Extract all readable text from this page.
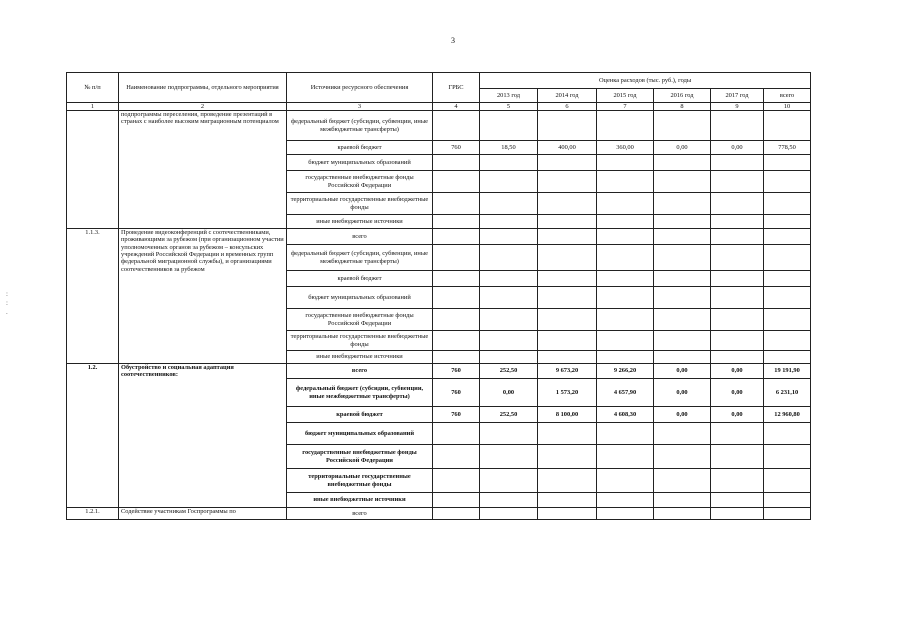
3
:
:
.
№ п/п	Наименование подпрограммы, отдельного мероприятия	Источники ресурсного обеспечения	ГРБС	Оценка расходов (тыс. руб.), годы					
				2013 год	2014 год	2015 год	2016 год	2017 год	всего
1	2	3	4	5	6	7	8	9	10
	подпрограммы переселения, проведение презентаций в странах с наиболее высоким миграционным потенциалом	федеральный бюджет (субсидии, субвенции, иные межбюджетные трансферты)							
		краевой бюджет	760	18,50	400,00	360,00	0,00	0,00	778,50
		бюджет муниципальных образований							
		государственные внебюджетные фонды Российской Федерации							
		территориальные государственные внебюджетные фонды							
		иные внебюджетные источники							
1.1.3.	Проведение видеоконференций с соотечественниками, проживающими за рубежом (при организационном участии уполномоченных органов за рубежом – консульских учреждений Российской Федерации и временных групп федеральной миграционной службы), и организациями соотечественников за рубежом	всего							
		федеральный бюджет (субсидии, субвенции, иные межбюджетные трансферты)							
		краевой бюджет							
		бюджет муниципальных образований							
		государственные внебюджетные фонды Российской Федерации							
		территориальные государственные внебюджетные фонды							
		иные внебюджетные источники							
1.2.	Обустройство и социальная адаптация соотечественников:	всего	760	252,50	9 673,20	9 266,20	0,00	0,00	19 191,90
		федеральный бюджет (субсидии, субвенции, иные межбюджетные трансферты)	760	0,00	1 573,20	4 657,90	0,00	0,00	6 231,10
		краевой бюджет	760	252,50	8 100,00	4 608,30	0,00	0,00	12 960,80
		бюджет муниципальных образований							
		государственные внебюджетные фонды Российской Федерации							
		территориальные государственные внебюджетные фонды							
		иные внебюджетные источники							
1.2.1.	Содействие участникам Госпрограммы по	всего							
